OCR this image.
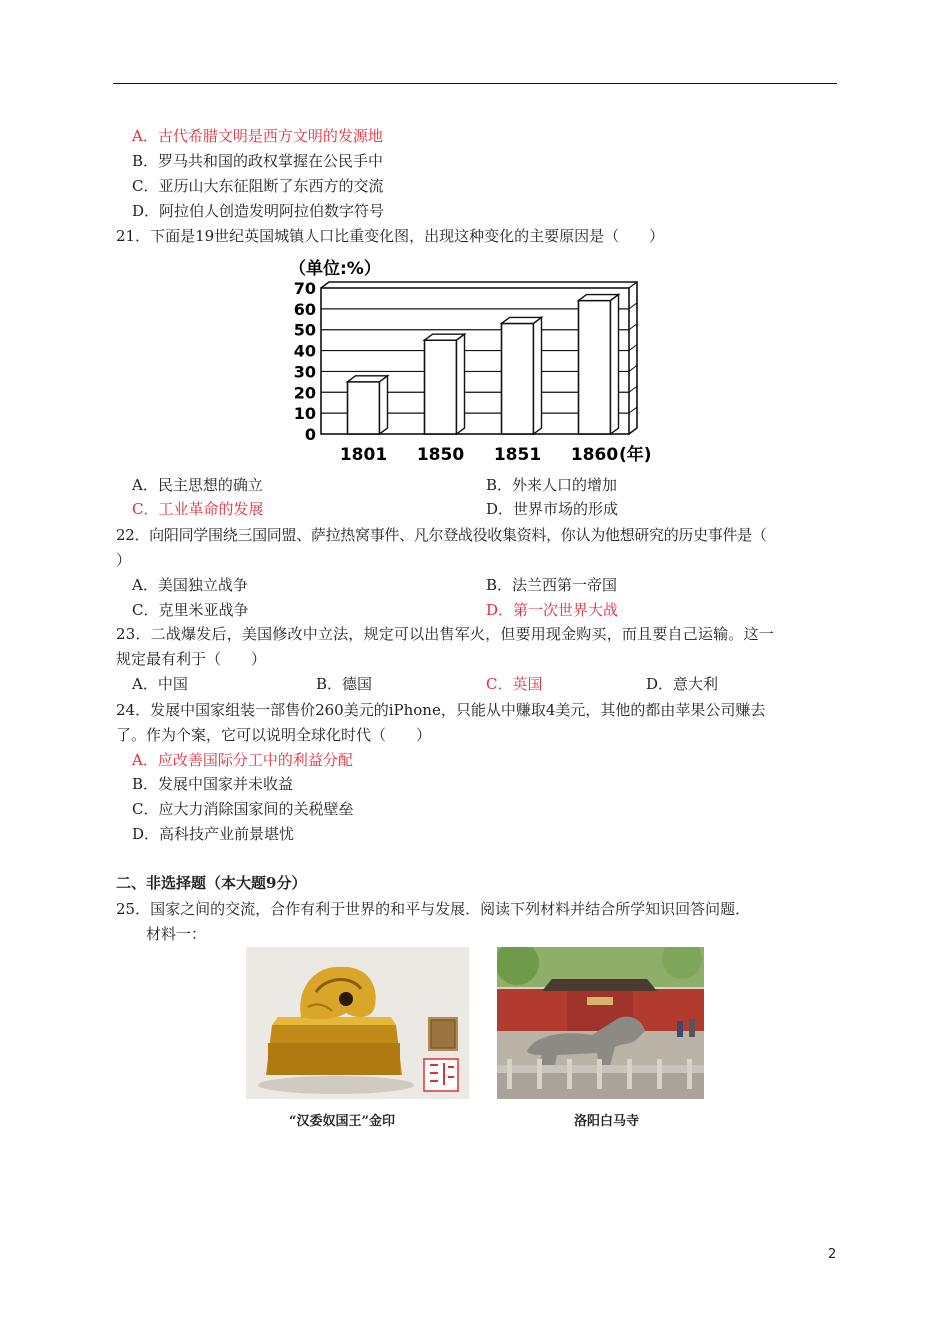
A．古代希腊文明是西方文明的发源地
B．罗马共和国的政权掌握在公民手中
C．亚历山大东征阻断了东西方的交流
D．阿拉伯人创造发明阿拉伯数字符号
21．下面是19世纪英国城镇人口比重变化图，出现这种变化的主要原因是（　　）
（单位:%）
0
10
20
30
40
50
60
70
1801 1850 1851 1860 (年)
A．民主思想的确立	B．外来人口的增加
C．工业革命的发展	D．世界市场的形成
22．向阳同学围绕三国同盟、萨拉热窝事件、凡尔登战役收集资料，你认为他想研究的历史事件是（
）
A．美国独立战争	B．法兰西第一帝国
C．克里米亚战争	D．第一次世界大战
23．二战爆发后，美国修改中立法，规定可以出售军火，但要用现金购买，而且要自己运输。这一
规定最有利于（　　）
A．中国	B．德国	C．英国	D．意大利
24．发展中国家组装一部售价260美元的iPhone，只能从中赚取4美元，其他的都由苹果公司赚去
了。作为个案，它可以说明全球化时代（　　）
A．应改善国际分工中的利益分配
B．发展中国家并未收益
C．应大力消除国家间的关税壁垒
D．高科技产业前景堪忧
二、非选择题（本大题9分）
25．国家之间的交流，合作有利于世界的和平与发展．阅读下列材料并结合所学知识回答问题．
材料一：
“汉委奴国王”金印	洛阳白马寺
2
